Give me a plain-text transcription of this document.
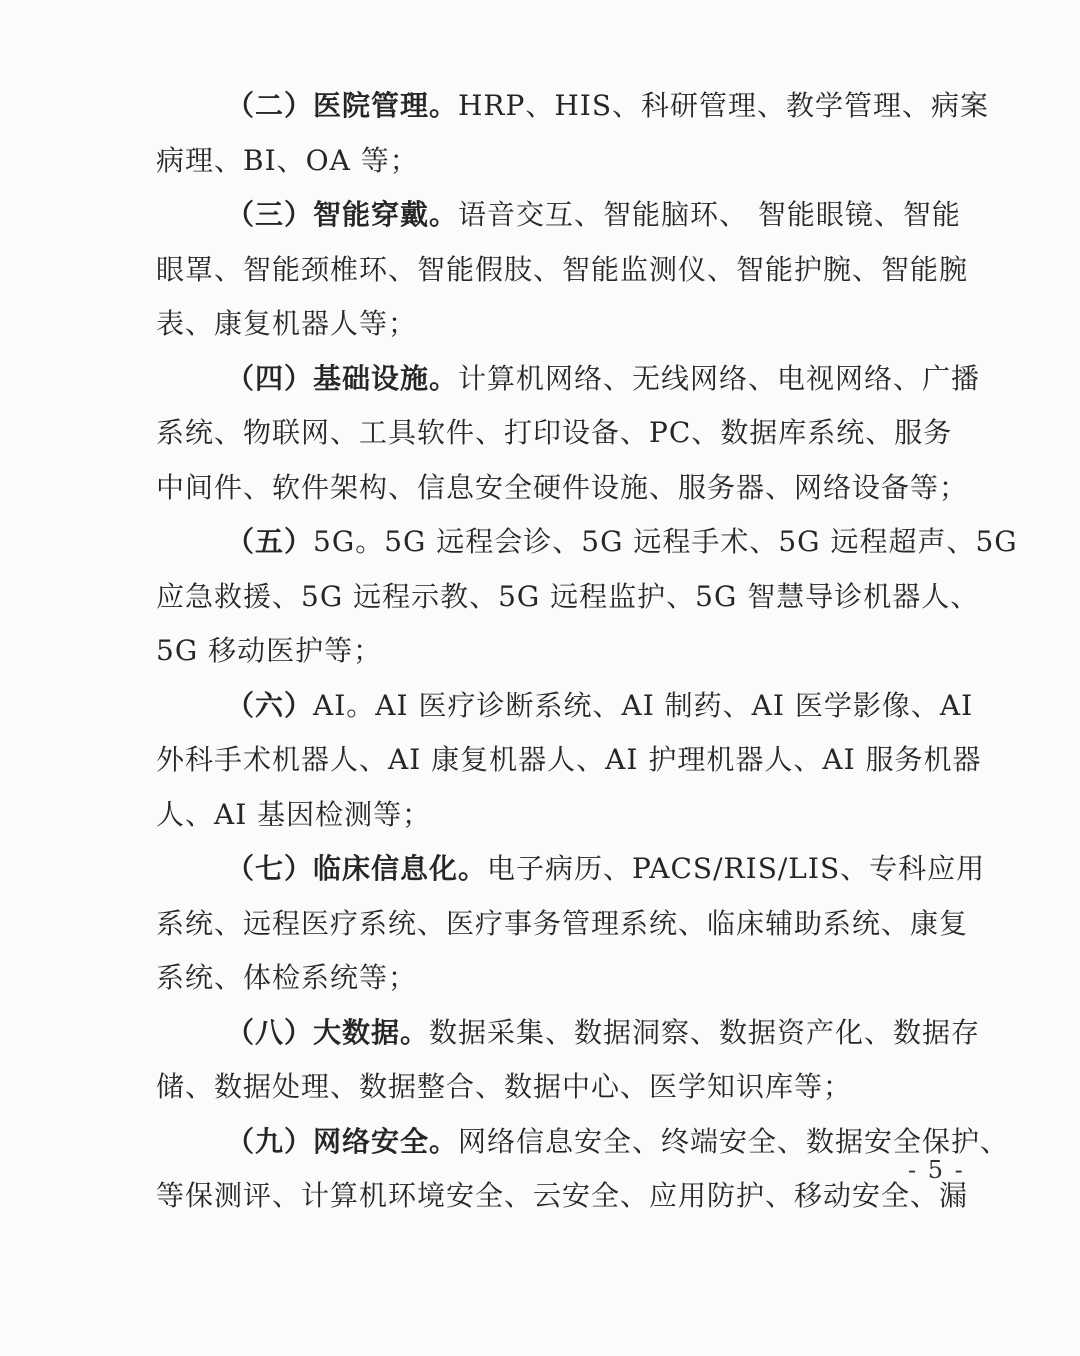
（二）医院管理。HRP、HIS、科研管理、教学管理、病案
病理、BI、OA 等；
（三）智能穿戴。语音交互、智能脑环、 智能眼镜、智能
眼罩、智能颈椎环、智能假肢、智能监测仪、智能护腕、智能腕
表、康复机器人等；
（四）基础设施。计算机网络、无线网络、电视网络、广播
系统、物联网、工具软件、打印设备、PC、数据库系统、服务
中间件、软件架构、信息安全硬件设施、服务器、网络设备等；
（五）5G。5G 远程会诊、5G 远程手术、5G 远程超声、5G
应急救援、5G 远程示教、5G 远程监护、5G 智慧导诊机器人、
5G 移动医护等；
（六）AI。AI 医疗诊断系统、AI 制药、AI 医学影像、AI
外科手术机器人、AI 康复机器人、AI 护理机器人、AI 服务机器
人、AI 基因检测等；
（七）临床信息化。电子病历、PACS/RIS/LIS、专科应用
系统、远程医疗系统、医疗事务管理系统、临床辅助系统、康复
系统、体检系统等；
（八）大数据。数据采集、数据洞察、数据资产化、数据存
储、数据处理、数据整合、数据中心、医学知识库等；
（九）网络安全。网络信息安全、终端安全、数据安全保护、
等保测评、计算机环境安全、云安全、应用防护、移动安全、漏
- 5 -
